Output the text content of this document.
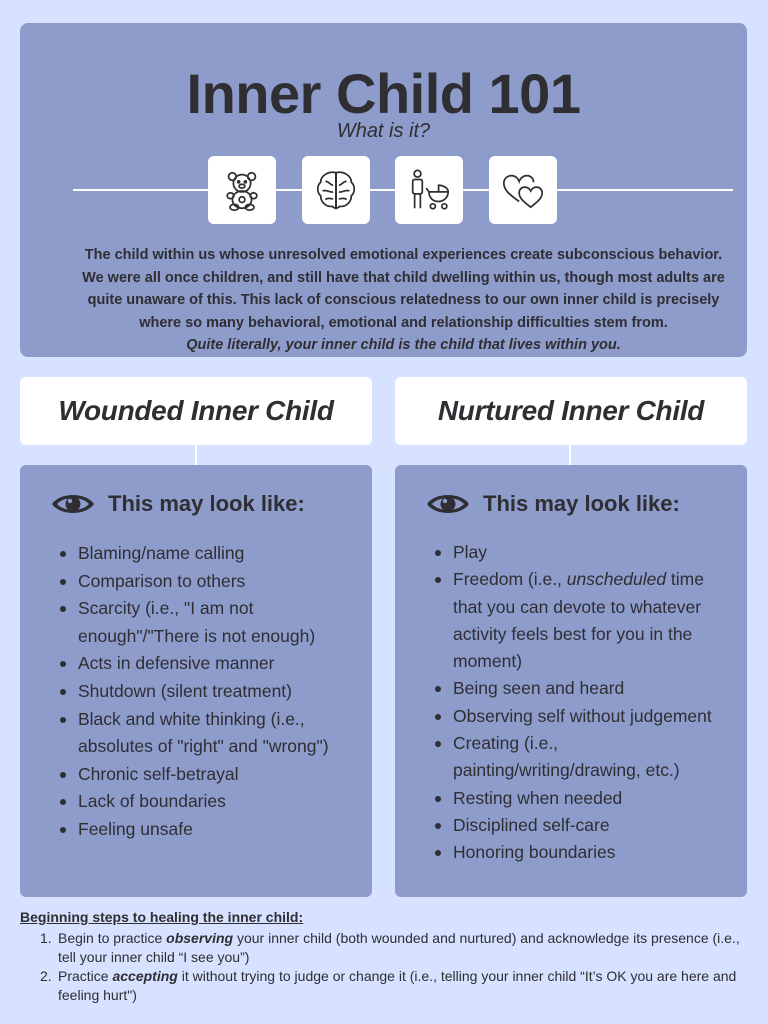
Inner Child 101
What is it?
The child within us whose unresolved emotional experiences create subconscious behavior.
We were all once children, and still have that child dwelling within us, though most adults are
quite unaware of this. This lack of conscious relatedness to our own inner child is precisely
where so many behavioral, emotional and relationship difficulties stem from.
Quite literally, your inner child is the child that lives within you.
Wounded Inner Child	Nurtured Inner Child
This may look like:
Blaming/name calling
Comparison to others
Scarcity (i.e., "I am not enough"/"There is not enough)
Acts in defensive manner
Shutdown (silent treatment)
Black and white thinking (i.e., absolutes of "right" and "wrong")
Chronic self-betrayal
Lack of boundaries
Feeling unsafe
This may look like:
Play
Freedom (i.e., unscheduled time that you can devote to whatever activity feels best for you in the moment)
Being seen and heard
Observing self without judgement
Creating (i.e., painting/writing/drawing, etc.)
Resting when needed
Disciplined self-care
Honoring boundaries
Beginning steps to healing the inner child:
1. Begin to practice observing your inner child (both wounded and nurtured) and acknowledge its presence (i.e., tell your inner child “I see you”)
2. Practice accepting it without trying to judge or change it (i.e., telling your inner child “It’s OK you are here and feeling hurt")
